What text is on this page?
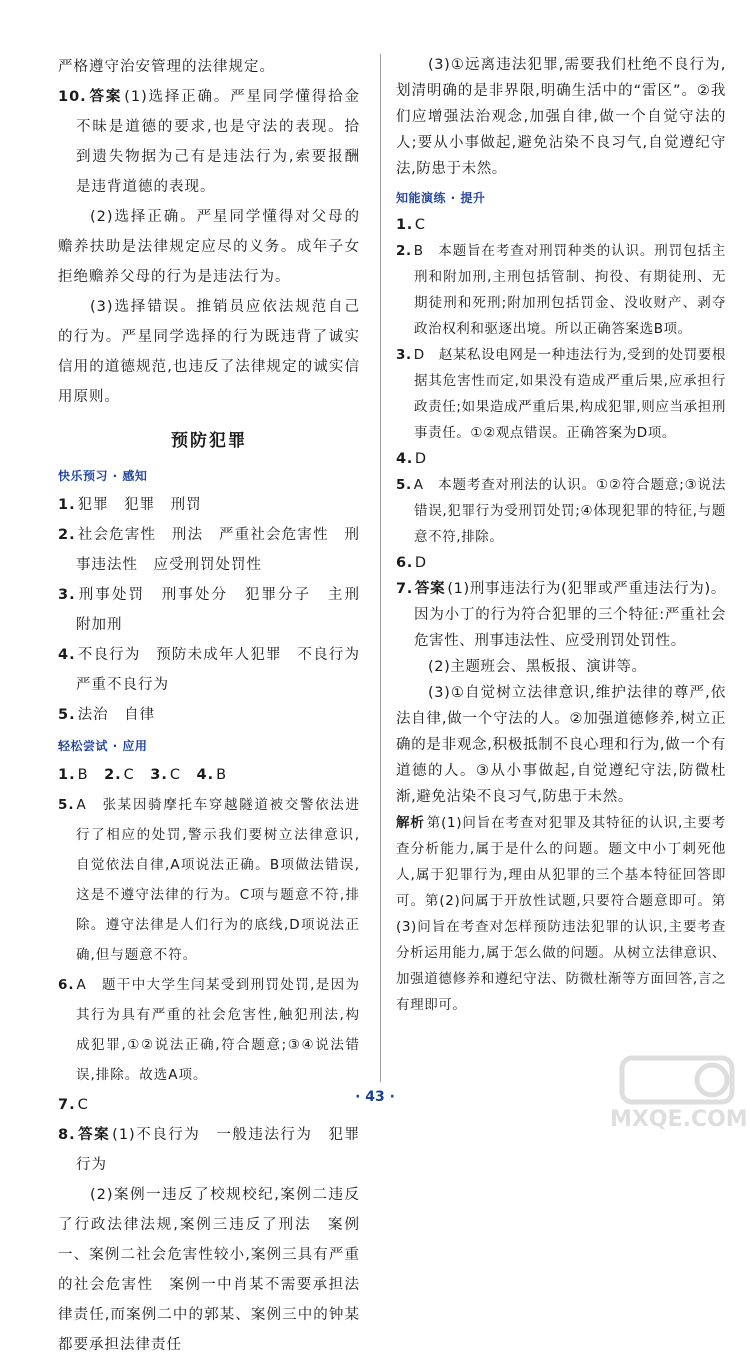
严格遵守治安管理的法律规定。

10. 答案 (1)选择正确。严星同学懂得拾金不昧是道德的要求,也是守法的表现。拾到遗失物据为己有是违法行为,索要报酬是违背道德的表现。

(2)选择正确。严星同学懂得对父母的赡养扶助是法律规定应尽的义务。成年子女拒绝赡养父母的行为是违法行为。

(3)选择错误。推销员应依法规范自己的行为。严星同学选择的行为既违背了诚实信用的道德规范,也违反了法律规定的诚实信用原则。

预防犯罪
快乐预习 · 感知

1. 犯罪　犯罪　刑罚

2. 社会危害性　刑法　严重社会危害性　刑事违法性　应受刑罚处罚性

3. 刑事处罚　刑事处分　犯罪分子　主刑　附加刑

4. 不良行为　预防未成年人犯罪　不良行为　严重不良行为

5. 法治　自律

轻松尝试 · 应用

1. B　2. C　3. C　4. B

5. A　张某因骑摩托车穿越隧道被交警依法进行了相应的处罚,警示我们要树立法律意识,自觉依法自律,A项说法正确。B项做法错误,这是不遵守法律的行为。C项与题意不符,排除。遵守法律是人们行为的底线,D项说法正确,但与题意不符。

6. A　题干中大学生闫某受到刑罚处罚,是因为其行为具有严重的社会危害性,触犯刑法,构成犯罪,①②说法正确,符合题意;③④说法错误,排除。故选A项。

7. C

8. 答案 (1)不良行为　一般违法行为　犯罪行为

(2)案例一违反了校规校纪,案例二违反了行政法律法规,案例三违反了刑法　案例一、案例二社会危害性较小,案例三具有严重的社会危害性　案例一中肖某不需要承担法律责任,而案例二中的郭某、案例三中的钟某都要承担法律责任

(3)①远离违法犯罪,需要我们杜绝不良行为,划清明确的是非界限,明确生活中的“雷区”。②我们应增强法治观念,加强自律,做一个自觉守法的人;要从小事做起,避免沾染不良习气,自觉遵纪守法,防患于未然。

知能演练 · 提升

1. C

2. B　本题旨在考查对刑罚种类的认识。刑罚包括主刑和附加刑,主刑包括管制、拘役、有期徒刑、无期徒刑和死刑;附加刑包括罚金、没收财产、剥夺政治权利和驱逐出境。所以正确答案选B项。

3. D　赵某私设电网是一种违法行为,受到的处罚要根据其危害性而定,如果没有造成严重后果,应承担行政责任;如果造成严重后果,构成犯罪,则应当承担刑事责任。①②观点错误。正确答案为D项。

4. D

5. A　本题考查对刑法的认识。①②符合题意;③说法错误,犯罪行为受刑罚处罚;④体现犯罪的特征,与题意不符,排除。

6. D

7. 答案 (1)刑事违法行为(犯罪或严重违法行为)。因为小丁的行为符合犯罪的三个特征:严重社会危害性、刑事违法性、应受刑罚处罚性。

(2)主题班会、黑板报、演讲等。

(3)①自觉树立法律意识,维护法律的尊严,依法自律,做一个守法的人。②加强道德修养,树立正确的是非观念,积极抵制不良心理和行为,做一个有道德的人。③从小事做起,自觉遵纪守法,防微杜渐,避免沾染不良习气,防患于未然。

解析 第(1)问旨在考查对犯罪及其特征的认识,主要考查分析能力,属于是什么的问题。题文中小丁刺死他人,属于犯罪行为,理由从犯罪的三个基本特征回答即可。第(2)问属于开放性试题,只要符合题意即可。第(3)问旨在考查对怎样预防违法犯罪的认识,主要考查分析运用能力,属于怎么做的问题。从树立法律意识、加强道德修养和遵纪守法、防微杜渐等方面回答,言之有理即可。

· 43 ·
MXQE.COM
